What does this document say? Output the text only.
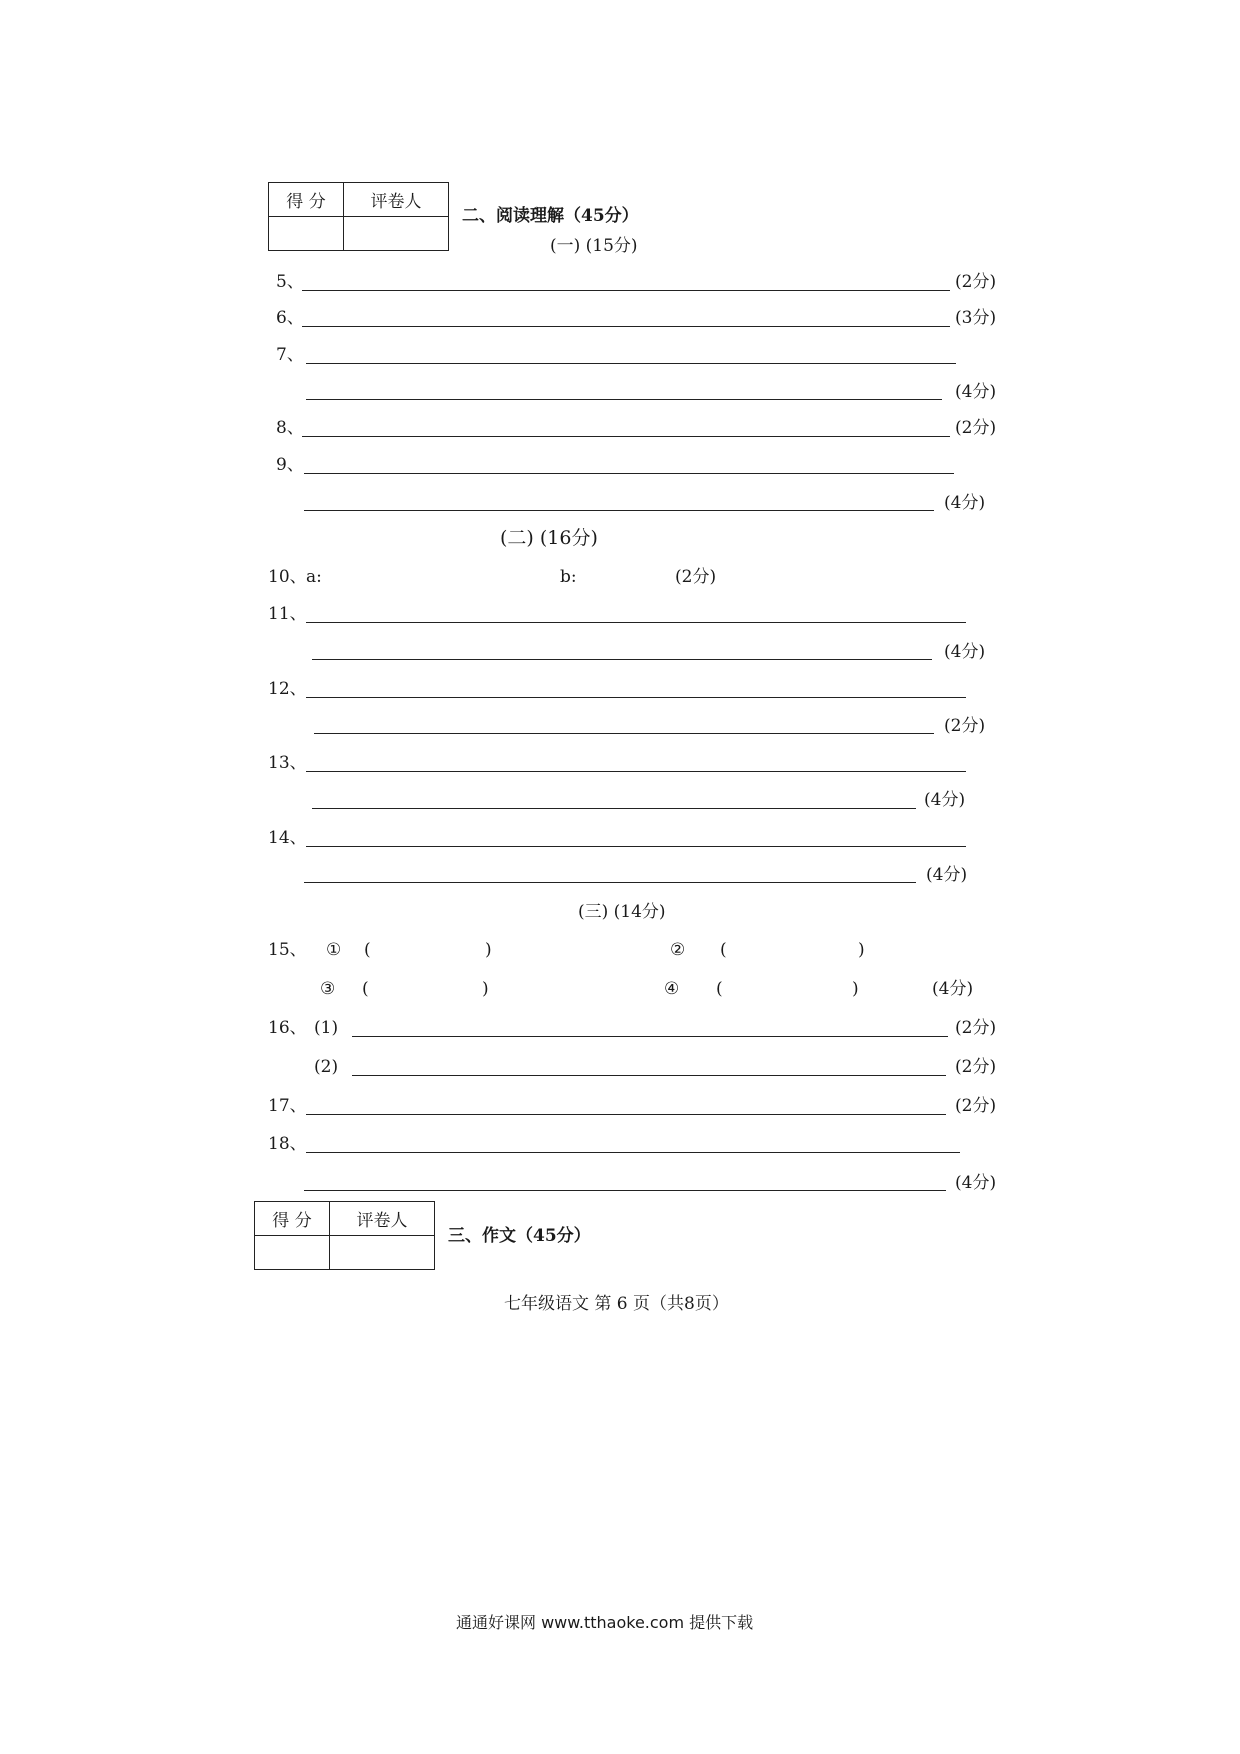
得 分	评卷人

二、阅读理解（45分）
(一) (15分)
5、	(2分)
6、	(3分)
7、
(4分)
8、	(2分)
9、
(4分)
(二) (16分)
10、 a:	b:	(2分)
11、
(4分)
12、
(2分)
13、
(4分)
14、
(4分)
(三) (14分)
15、 ① (	)	② (	)
③ (	)	④ (	)	(4分)
16、 (1)	(2分)
(2)	(2分)
17、	(2分)
18、
(4分)
得 分	评卷人

三、作文（45分）
七年级语文 第 6 页（共8页）
通通好课网 www.tthaoke.com 提供下载
